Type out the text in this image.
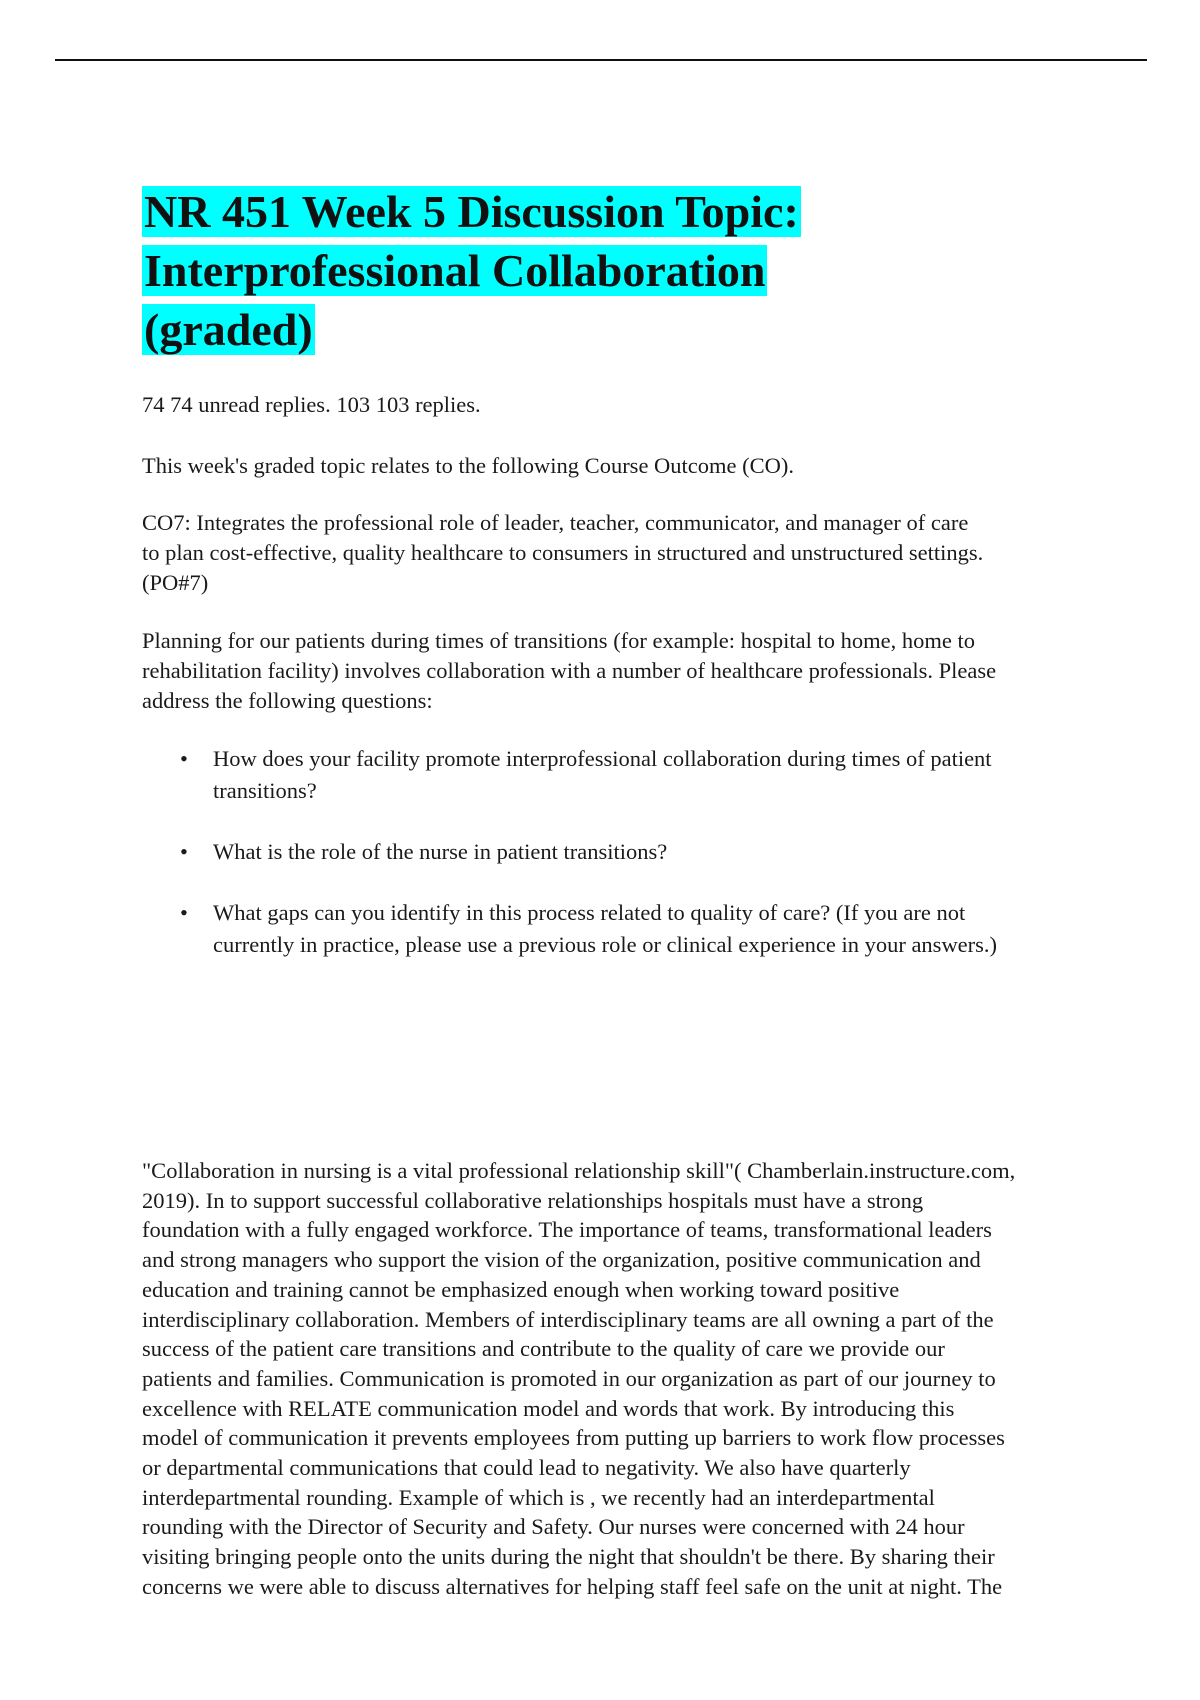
NR 451 Week 5 Discussion Topic:
Interprofessional Collaboration
(graded)

74 74 unread replies. 103 103 replies.

This week's graded topic relates to the following Course Outcome (CO).

CO7: Integrates the professional role of leader, teacher, communicator, and manager of care
to plan cost-effective, quality healthcare to consumers in structured and unstructured settings.
(PO#7)

Planning for our patients during times of transitions (for example: hospital to home, home to
rehabilitation facility) involves collaboration with a number of healthcare professionals. Please
address the following questions:

• How does your facility promote interprofessional collaboration during times of patient
transitions?
• What is the role of the nurse in patient transitions?
• What gaps can you identify in this process related to quality of care? (If you are not
currently in practice, please use a previous role or clinical experience in your answers.)

"Collaboration in nursing is a vital professional relationship skill"( Chamberlain.instructure.com,
2019). In to support successful collaborative relationships hospitals must have a strong
foundation with a fully engaged workforce. The importance of teams, transformational leaders
and strong managers who support the vision of the organization, positive communication and
education and training cannot be emphasized enough when working toward positive
interdisciplinary collaboration. Members of interdisciplinary teams are all owning a part of the
success of the patient care transitions and contribute to the quality of care we provide our
patients and families. Communication is promoted in our organization as part of our journey to
excellence with RELATE communication model and words that work. By introducing this
model of communication it prevents employees from putting up barriers to work flow processes
or departmental communications that could lead to negativity. We also have quarterly
interdepartmental rounding. Example of which is , we recently had an interdepartmental
rounding with the Director of Security and Safety. Our nurses were concerned with 24 hour
visiting bringing people onto the units during the night that shouldn't be there. By sharing their
concerns we were able to discuss alternatives for helping staff feel safe on the unit at night. The
